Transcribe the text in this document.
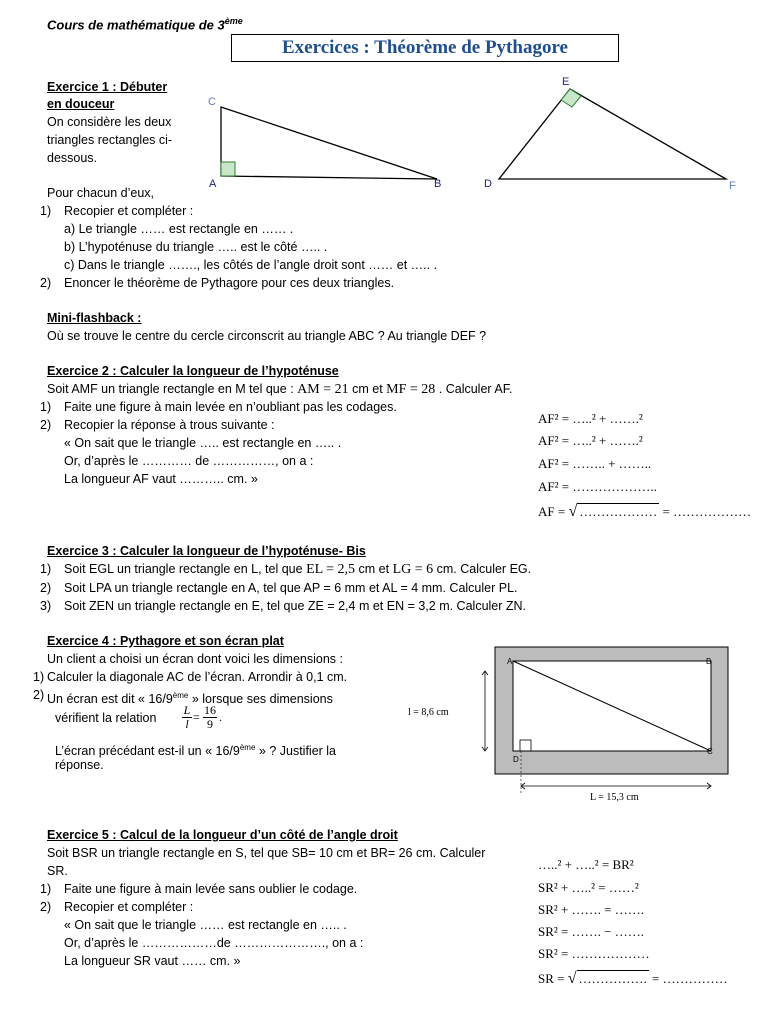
Cours de mathématique de 3ème
Exercices : Théorème de Pythagore
Exercice 1 : Débuter
en douceur
On considère les deux
triangles rectangles ci-
dessous.
Pour chacun d’eux,
1) Recopier et compléter :
a) Le triangle …… est rectangle en …… .
b) L’hypoténuse du triangle ….. est le côté ….. .
c) Dans le triangle ……., les côtés de l’angle droit sont …… et ….. .
2) Enoncer le théorème de Pythagore pour ces deux triangles.
C
A	B
E
D	F
Mini-flashback :
Où se trouve le centre du cercle circonscrit au triangle ABC ? Au triangle DEF ?
Exercice 2 : Calculer la longueur de l’hypoténuse
Soit AMF un triangle rectangle en M tel que : AM = 21 cm et MF = 28 . Calculer AF.
1) Faite une figure à main levée en n’oubliant pas les codages.
2) Recopier la réponse à trous suivante :
« On sait que le triangle ….. est rectangle en ….. .
Or, d’après le ………… de ……………, on a :
La longueur AF vaut ……….. cm. »
AF² = …..² + …….²
AF² = …..² + …….²
AF² = …….. + ……..
AF² = ………………..
AF = √ ……………… = ………………
Exercice 3 : Calculer la longueur de l’hypoténuse- Bis
1) Soit EGL un triangle rectangle en L, tel que EL = 2,5 cm et LG = 6 cm. Calculer EG.
2) Soit LPA un triangle rectangle en A, tel que AP = 6 mm et AL = 4 mm. Calculer PL.
3) Soit ZEN un triangle rectangle en E, tel que ZE = 2,4 m et EN = 3,2 m. Calculer ZN.
Exercice 4 : Pythagore et son écran plat
Un client a choisi un écran dont voici les dimensions :
1) Calculer la diagonale AC de l’écran. Arrondir à 0,1 cm.
2) Un écran est dit « 16/9ème » lorsque ses dimensions
vérifient la relation
L
l = 16
9 .
L’écran précédant est-il un « 16/9ème » ? Justifier la
réponse.
A	B
C
D
l = 8,6 cm
L = 15,3 cm
Exercice 5 : Calcul de la longueur d’un côté de l’angle droit
Soit BSR un triangle rectangle en S, tel que SB= 10 cm et BR= 26 cm. Calculer
SR.
1) Faite une figure à main levée sans oublier le codage.
2) Recopier et compléter :
« On sait que le triangle …… est rectangle en ….. .
Or, d’après le ………………de …………………., on a :
La longueur SR vaut …… cm. »
…..² + …..² = BR²
SR² + …..² = ……²
SR² + ……. = …….
SR² = ……. − …….
SR² = ………………
SR = √ ……………. = ……………
